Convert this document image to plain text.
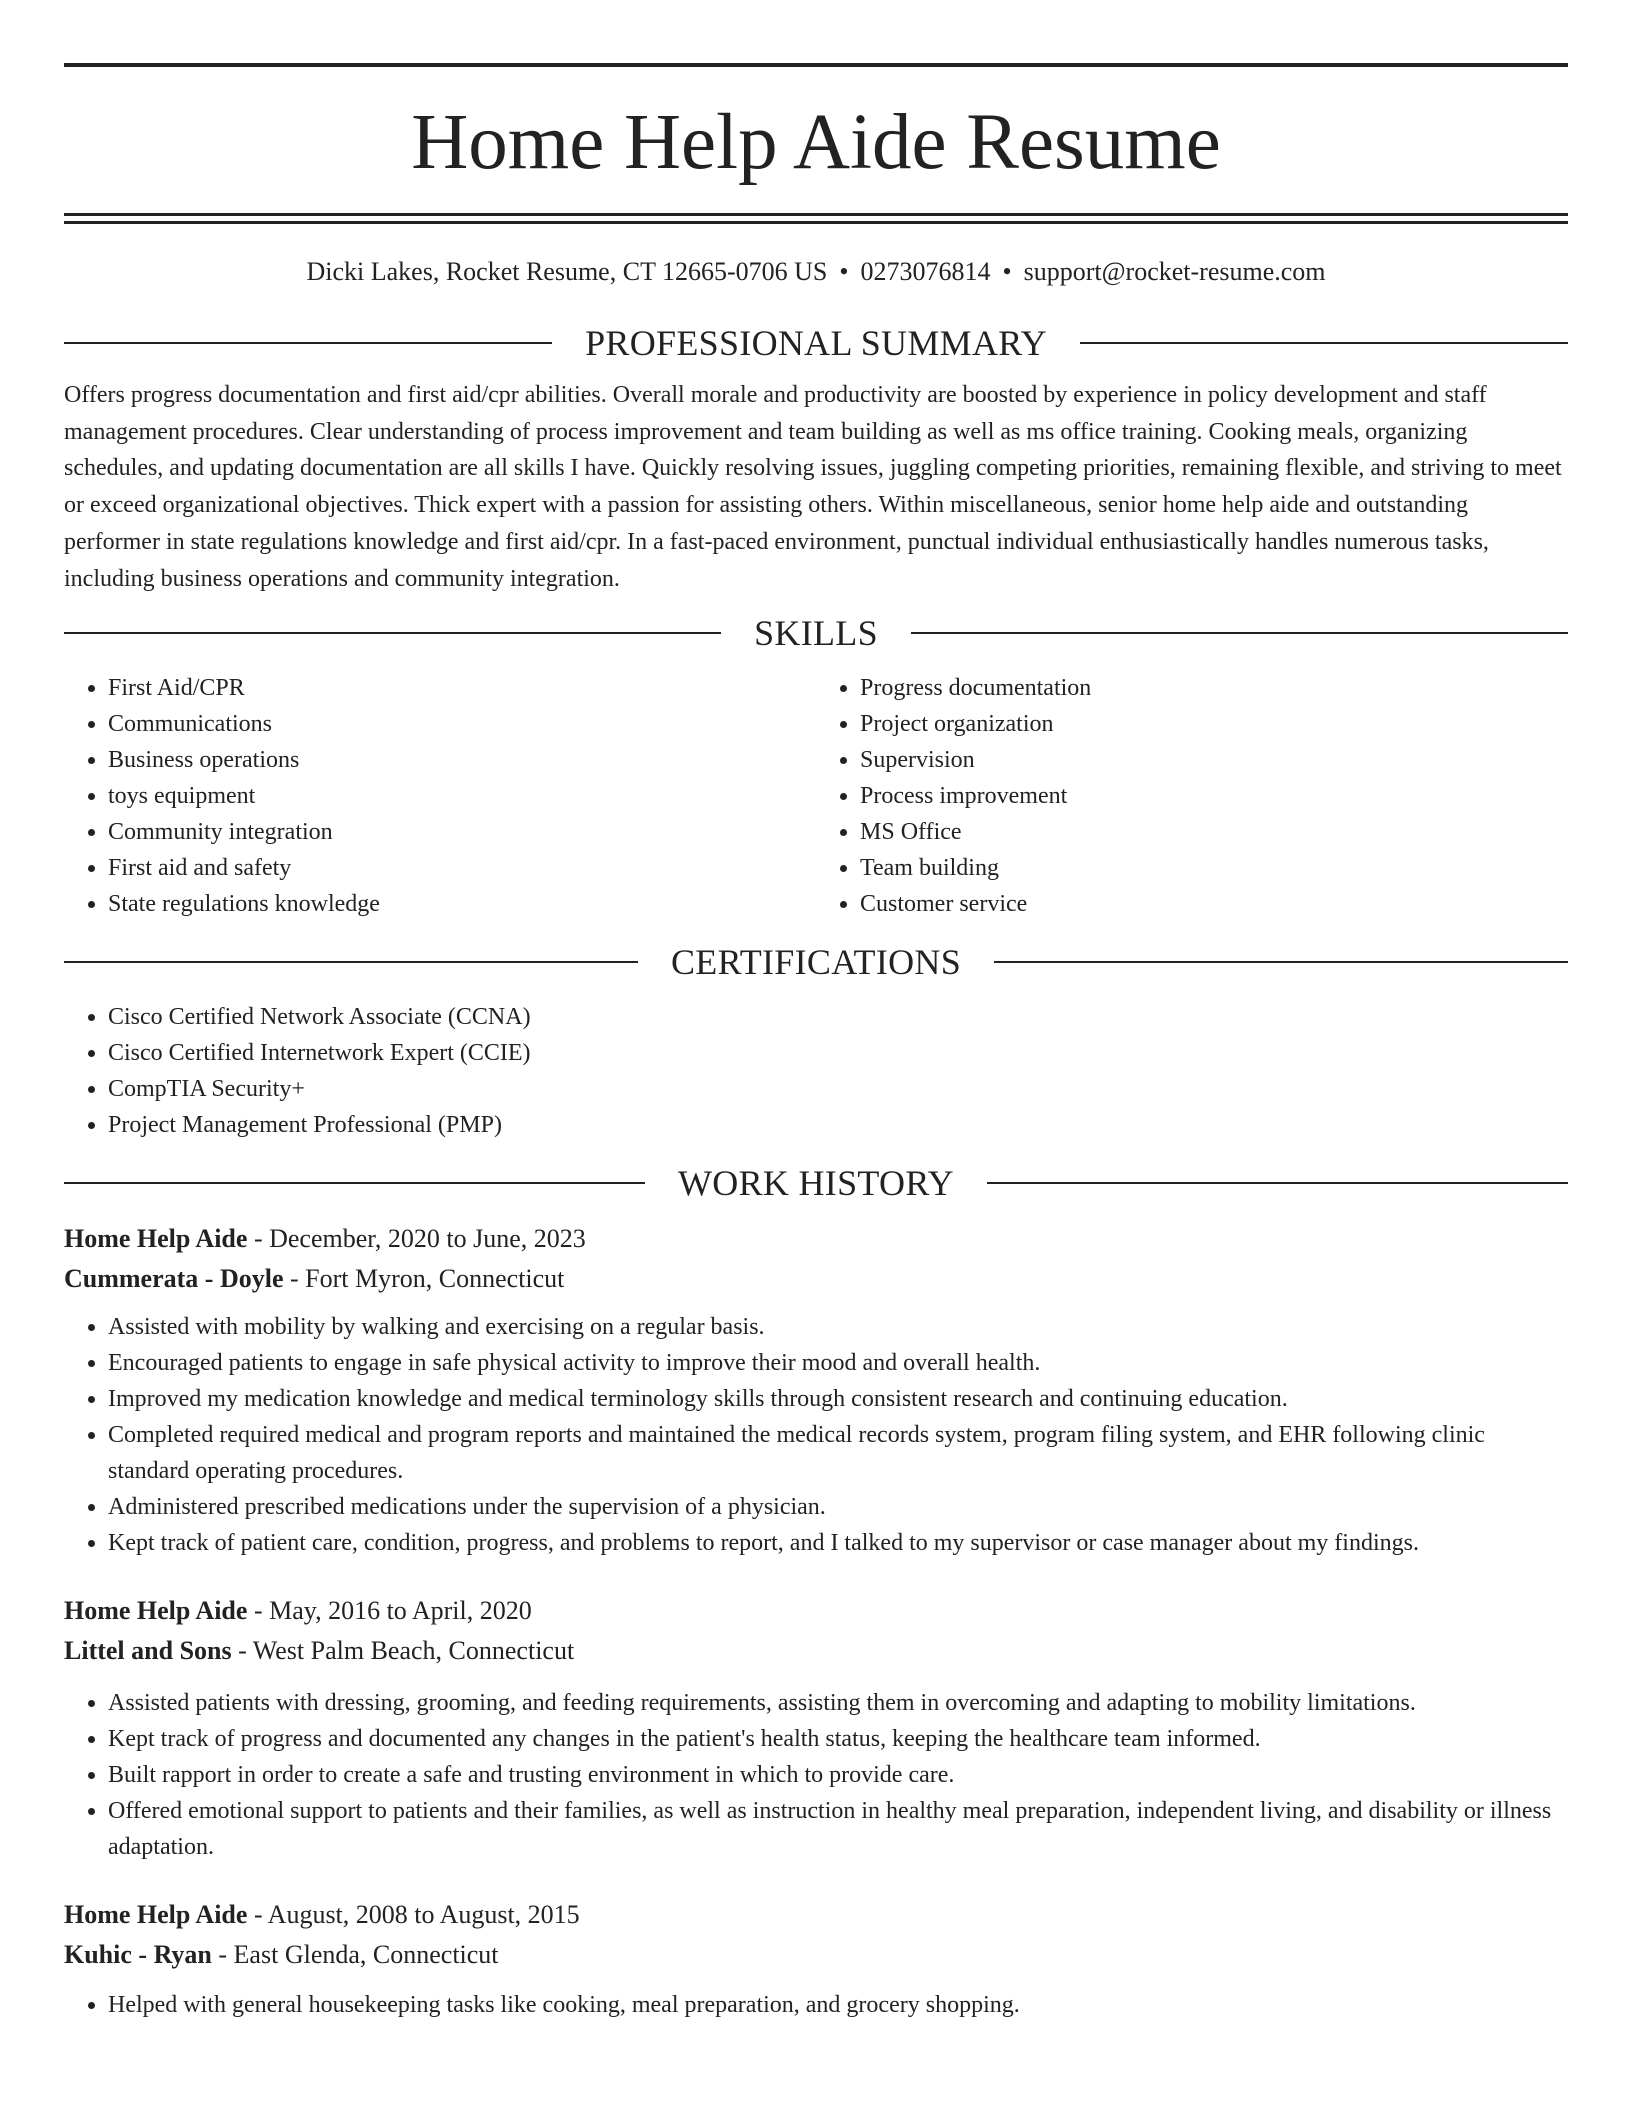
Home Help Aide Resume
Dicki Lakes, Rocket Resume, CT 12665-0706 US • 0273076814 • support@rocket-resume.com
PROFESSIONAL SUMMARY

Offers progress documentation and first aid/cpr abilities. Overall morale and productivity are boosted by experience in policy development and staff management procedures. Clear understanding of process improvement and team building as well as ms office training. Cooking meals, organizing schedules, and updating documentation are all skills I have. Quickly resolving issues, juggling competing priorities, remaining flexible, and striving to meet or exceed organizational objectives. Thick expert with a passion for assisting others. Within miscellaneous, senior home help aide and outstanding performer in state regulations knowledge and first aid/cpr. In a fast-paced environment, punctual individual enthusiastically handles numerous tasks, including business operations and community integration.

SKILLS
• First Aid/CPR
• Communications
• Business operations
• toys equipment
• Community integration
• First aid and safety
• State regulations knowledge
• Progress documentation
• Project organization
• Supervision
• Process improvement
• MS Office
• Team building
• Customer service
CERTIFICATIONS
• Cisco Certified Network Associate (CCNA)
• Cisco Certified Internetwork Expert (CCIE)
• CompTIA Security+
• Project Management Professional (PMP)
WORK HISTORY
Home Help Aide - December, 2020 to June, 2023
Cummerata - Doyle - Fort Myron, Connecticut
• Assisted with mobility by walking and exercising on a regular basis.
• Encouraged patients to engage in safe physical activity to improve their mood and overall health.
• Improved my medication knowledge and medical terminology skills through consistent research and continuing education.
• Completed required medical and program reports and maintained the medical records system, program filing system, and EHR following clinic standard operating procedures.
• Administered prescribed medications under the supervision of a physician.
• Kept track of patient care, condition, progress, and problems to report, and I talked to my supervisor or case manager about my findings.
Home Help Aide - May, 2016 to April, 2020
Littel and Sons - West Palm Beach, Connecticut
• Assisted patients with dressing, grooming, and feeding requirements, assisting them in overcoming and adapting to mobility limitations.
• Kept track of progress and documented any changes in the patient's health status, keeping the healthcare team informed.
• Built rapport in order to create a safe and trusting environment in which to provide care.
• Offered emotional support to patients and their families, as well as instruction in healthy meal preparation, independent living, and disability or illness adaptation.
Home Help Aide - August, 2008 to August, 2015
Kuhic - Ryan - East Glenda, Connecticut
• Helped with general housekeeping tasks like cooking, meal preparation, and grocery shopping.
